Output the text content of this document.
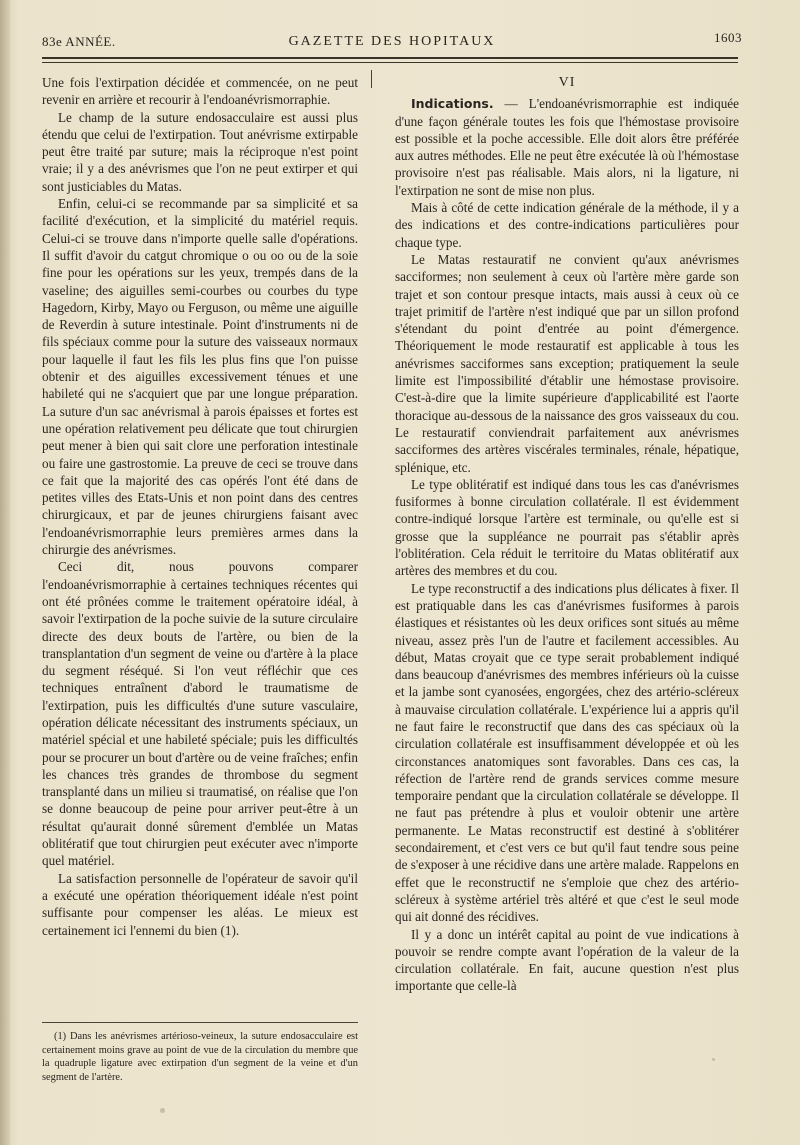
83e ANNÉE.	GAZETTE DES HOPITAUX	1603

Une fois l'extirpation décidée et commencée, on ne peut revenir en arrière et recourir à l'endoanévrismorraphie.

Le champ de la suture endosacculaire est aussi plus étendu que celui de l'extirpation. Tout anévrisme extirpable peut être traité par suture; mais la réciproque n'est point vraie; il y a des anévrismes que l'on ne peut extirper et qui sont justiciables du Matas.

Enfin, celui-ci se recommande par sa simplicité et sa facilité d'exécution, et la simplicité du matériel requis. Celui-ci se trouve dans n'importe quelle salle d'opérations. Il suffit d'avoir du catgut chromique o ou oo ou de la soie fine pour les opérations sur les yeux, trempés dans de la vaseline; des aiguilles semi-courbes ou courbes du type Hagedorn, Kirby, Mayo ou Ferguson, ou même une aiguille de Reverdin à suture intestinale. Point d'instruments ni de fils spéciaux comme pour la suture des vaisseaux normaux pour laquelle il faut les fils les plus fins que l'on puisse obtenir et des aiguilles excessivement ténues et une habileté qui ne s'acquiert que par une longue préparation. La suture d'un sac anévrismal à parois épaisses et fortes est une opération relativement peu délicate que tout chirurgien peut mener à bien qui sait clore une perforation intestinale ou faire une gastrostomie. La preuve de ceci se trouve dans ce fait que la majorité des cas opérés l'ont été dans de petites villes des Etats-Unis et non point dans des centres chirurgicaux, et par de jeunes chirurgiens faisant avec l'endoanévrismorraphie leurs premières armes dans la chirurgie des anévrismes.

Ceci dit, nous pouvons comparer l'endoanévrismorraphie à certaines techniques récentes qui ont été prônées comme le traitement opératoire idéal, à savoir l'extirpation de la poche suivie de la suture circulaire directe des deux bouts de l'artère, ou bien de la transplantation d'un segment de veine ou d'artère à la place du segment réséqué. Si l'on veut réfléchir que ces techniques entraînent d'abord le traumatisme de l'extirpation, puis les difficultés d'une suture vasculaire, opération délicate nécessitant des instruments spéciaux, un matériel spécial et une habileté spéciale; puis les difficultés pour se procurer un bout d'artère ou de veine fraîches; enfin les chances très grandes de thrombose du segment transplanté dans un milieu si traumatisé, on réalise que l'on se donne beaucoup de peine pour arriver peut-être à un résultat qu'aurait donné sûrement d'emblée un Matas oblitératif que tout chirurgien peut exécuter avec n'importe quel matériel.

La satisfaction personnelle de l'opérateur de savoir qu'il a exécuté une opération théoriquement idéale n'est point suffisante pour compenser les aléas. Le mieux est certainement ici l'ennemi du bien (1).

(1) Dans les anévrismes artérioso-veineux, la suture endosacculaire est certainement moins grave au point de vue de la circulation du membre que la quadruple ligature avec extirpation d'un segment de la veine et d'un segment de l'artère.

VI

Indications. — L'endoanévrismorraphie est indiquée d'une façon générale toutes les fois que l'hémostase provisoire est possible et la poche accessible. Elle doit alors être préférée aux autres méthodes. Elle ne peut être exécutée là où l'hémostase provisoire n'est pas réalisable. Mais alors, ni la ligature, ni l'extirpation ne sont de mise non plus.

Mais à côté de cette indication générale de la méthode, il y a des indications et des contre-indications particulières pour chaque type.

Le Matas restauratif ne convient qu'aux anévrismes sacciformes; non seulement à ceux où l'artère mère garde son trajet et son contour presque intacts, mais aussi à ceux où ce trajet primitif de l'artère n'est indiqué que par un sillon profond s'étendant du point d'entrée au point d'émergence. Théoriquement le mode restauratif est applicable à tous les anévrismes sacciformes sans exception; pratiquement la seule limite est l'impossibilité d'établir une hémostase provisoire. C'est-à-dire que la limite supérieure d'applicabilité est l'aorte thoracique au-dessous de la naissance des gros vaisseaux du cou. Le restauratif conviendrait parfaitement aux anévrismes sacciformes des artères viscérales terminales, rénale, hépatique, splénique, etc.

Le type oblitératif est indiqué dans tous les cas d'anévrismes fusiformes à bonne circulation collatérale. Il est évidemment contre-indiqué lorsque l'artère est terminale, ou qu'elle est si grosse que la suppléance ne pourrait pas s'établir après l'oblitération. Cela réduit le territoire du Matas oblitératif aux artères des membres et du cou.

Le type reconstructif a des indications plus délicates à fixer. Il est pratiquable dans les cas d'anévrismes fusiformes à parois élastiques et résistantes où les deux orifices sont situés au même niveau, assez près l'un de l'autre et facilement accessibles. Au début, Matas croyait que ce type serait probablement indiqué dans beaucoup d'anévrismes des membres inférieurs où la cuisse et la jambe sont cyanosées, engorgées, chez des artério-scléreux à mauvaise circulation collatérale. L'expérience lui a appris qu'il ne faut faire le reconstructif que dans des cas spéciaux où la circulation collatérale est insuffisamment développée et où les circonstances anatomiques sont favorables. Dans ces cas, la réfection de l'artère rend de grands services comme mesure temporaire pendant que la circulation collatérale se développe. Il ne faut pas prétendre à plus et vouloir obtenir une artère permanente. Le Matas reconstructif est destiné à s'oblitérer secondairement, et c'est vers ce but qu'il faut tendre sous peine de s'exposer à une récidive dans une artère malade. Rappelons en effet que le reconstructif ne s'emploie que chez des artério-scléreux à système artériel très altéré et que c'est le seul mode qui ait donné des récidives.

Il y a donc un intérêt capital au point de vue indications à pouvoir se rendre compte avant l'opération de la valeur de la circulation collatérale. En fait, aucune question n'est plus importante que celle-là
